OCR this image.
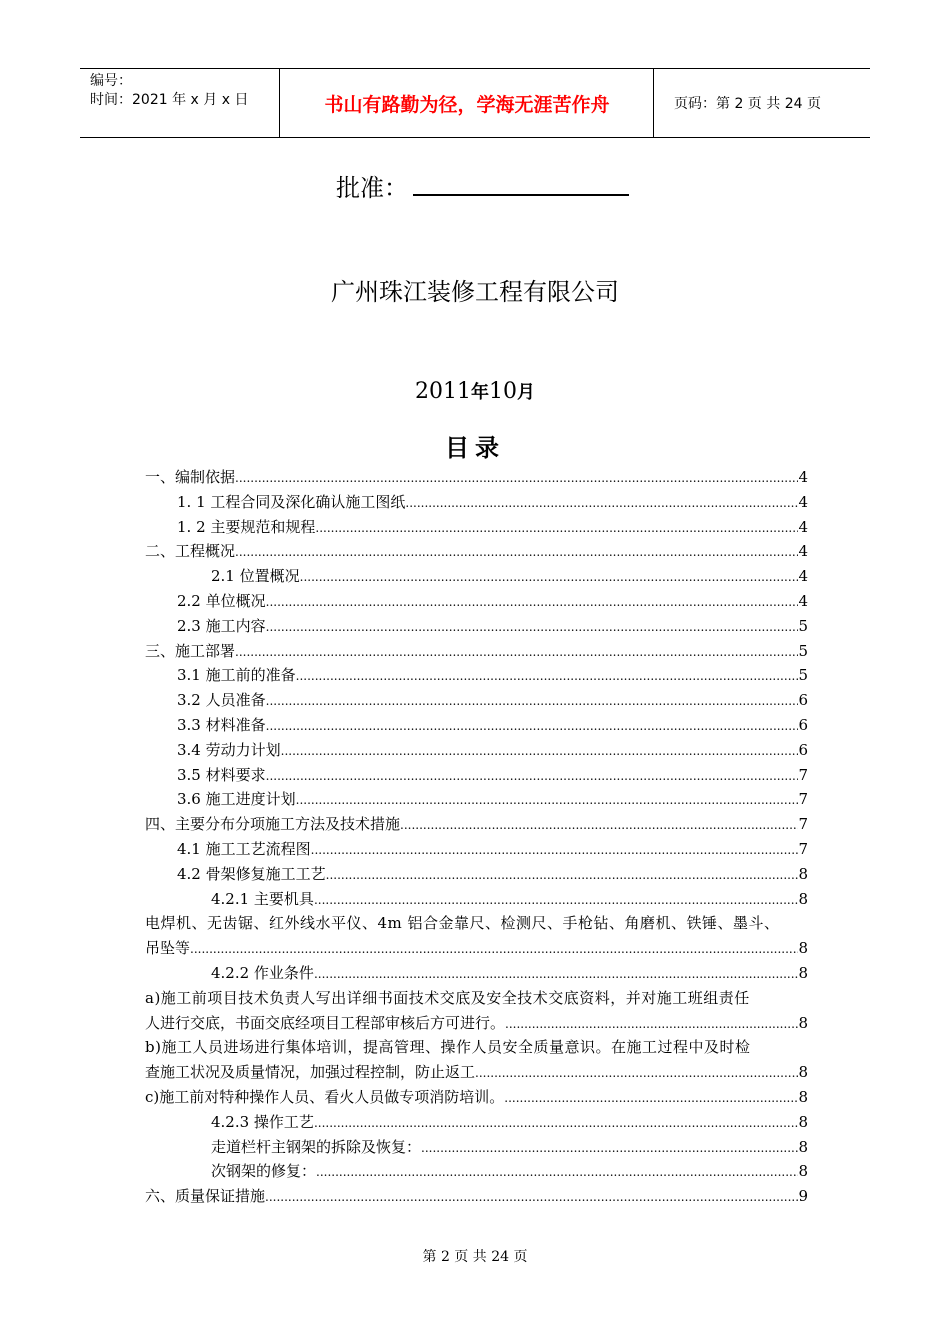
编号：
时间：2021 年 x 月 x 日	书山有路勤为径，学海无涯苦作舟	页码：第 2 页 共 24 页
批准：
广州珠江装修工程有限公司
2011年10月
目录
一、编制依据 .....	4
1. 1 工程合同及深化确认施工图纸 .....	4
1. 2 主要规范和规程 .....	4
二、工程概况 .....	4
2.1 位置概况 .....	4
2.2 单位概况 .....	4
2.3 施工内容 .....	5
三、施工部署 .....	5
3.1 施工前的准备 .....	5
3.2 人员准备 .....	6
3.3 材料准备 .....	6
3.4 劳动力计划 .....	6
3.5 材料要求 .....	7
3.6 施工进度计划 .....	7
四、主要分布分项施工方法及技术措施 .....	7
4.1 施工工艺流程图 .....	7
4.2 骨架修复施工工艺 .....	8
4.2.1 主要机具 .....	8
电焊机、无齿锯、红外线水平仪、4m 铝合金靠尺、检测尺、手枪钻、角磨机、铁锤、墨斗、
吊坠等 .....	8
4.2.2 作业条件 .....	8
a)施工前项目技术负责人写出详细书面技术交底及安全技术交底资料，并对施工班组责任
人进行交底，书面交底经项目工程部审核后方可进行。 .....	8
b)施工人员进场进行集体培训，提高管理、操作人员安全质量意识。在施工过程中及时检
查施工状况及质量情况，加强过程控制，防止返工 .....	8
c)施工前对特种操作人员、看火人员做专项消防培训。 .....	8
4.2.3 操作工艺 .....	8
走道栏杆主钢架的拆除及恢复： .....	8
次钢架的修复： .....	8
六、质量保证措施 .....	9
第 2 页 共 24 页
